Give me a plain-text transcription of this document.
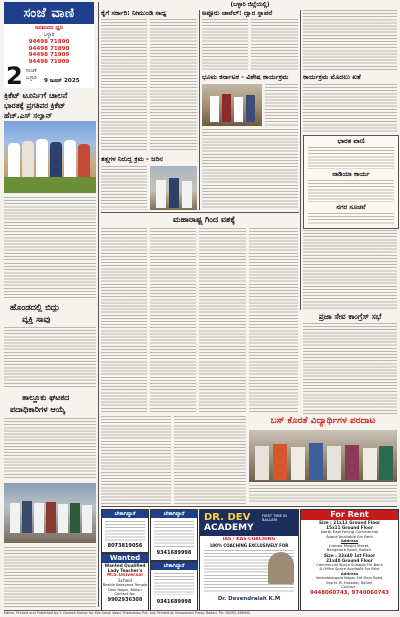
ಸಂಜೆ ವಾಣಿ
ಜನಮನದ ಧ್ವನಿ
ಬಳ್ಳಾರಿ
94498 71890
94498 71890
94498 71909
94498 71909
2 ಸಂಚಿಕೆ
ಬಳ್ಳಾರಿ 9 ಜೂನ್ 2025
ಕ್ರಿಕೆಟ್ ಟೂರ್ನಿಗೆ ಚಾಲನೆ
ಭಾರತಕ್ಕೆ ಪ್ರಗತಿಪರ ಕ್ರಿಕೆಟ್
ಹೆಚ್.ಎಸ್ ಸಲ್ಯಾನ್
ಹೊಂಡದಲ್ಲಿ ಬಿದ್ದು
ವ್ಯಕ್ತಿ ಸಾವು
ತಾಲ್ಲೂಕು ಘಟಕದ
ಪದಾಧಿಕಾರಿಗಳ ಆಯ್ಕೆ
(ಬಳ್ಳಾರಿ ಜಿಲ್ಲೆಯಲ್ಲಿ)
ಕೈಗೆ ಸರ್ಕಾರಿ: ನೀಮುಂಡಿ ಸಾಧ್ಯ	ಅಪ್ಪೂರು ಚಾನೆಲ್: ದ್ವಾರ ಸ್ಥಾಪನೆ
ಭೂಮ ಕರ್ನಾಟಕ - ವಿಶೇಷ ಕಾರ್ಯಕ್ರಮ	ಕಾರ್ಯಕ್ರಮ ಮೊದಲು ಖತೆ
ಭಾರತ ವಾಣಿ
ನಾಡಿಯಾ ಕಾರ್ಯ
ನಗರ ಸೂಚನೆ
ತತ್ತ್ವಗಳ ನಿರುದ್ಧ ಕ್ರಮ - ಜರಿನ
ಮಹಾರಾಷ್ಟ್ರ ಗಿಂದ ವಶಕ್ಕೆ
ಪ್ರಜಾ ಸೇವ ಕಾಂಗ್ರೆಸ್ ಸಭೆ
ಬಸ್ ಕೊರತೆ ವಿದ್ಯಾರ್ಥಿಗಳ ಪರದಾಟ
ಬೇಕಾಗಿದ್ದಾರೆ
8073819056
Wanted
Wanted Qualified
Lady Teacher's
M.S.Universal
School
Beside Narayana Temple
Devi Nagar, Ballari
Contact No:
9902936308
ಬೇಕಾಗಿದ್ದಾರೆ
9341689998
ಬೇಕಾಗಿದ್ದಾರೆ
9341689998
DR. DEV
ACADEMY
FIRST TIME IN BALLARI
IAS / KAS COACHING
100% COACHING EXCLUSIVELY FOR
Dr. Devendraiah K.M
For Rent
Size : 21x11 Ground Floor
15x11 Ground Floor
North East Facing Commercial
Space Available For Rent
Address
Jumma Masjid Street,
Bangalore Road, Ballari.
Size : 33x40 1st Floor
21x40 Ground Floor
Commercial Space Suitable For Bank
& Office Space Available For Rent
Address
Venkateshwara Nagar 3rd Main Road,
Opp N. B. Hospital, Ballari.
Contact :
9448060743, 9740060743
Editor, Printed and Published by Y. Ganesh Kumar for M/s Sanje Vaani Publication Pvt. Ltd. Printed at Vishwavani Press, Ballari. Ph: 08392-266900
